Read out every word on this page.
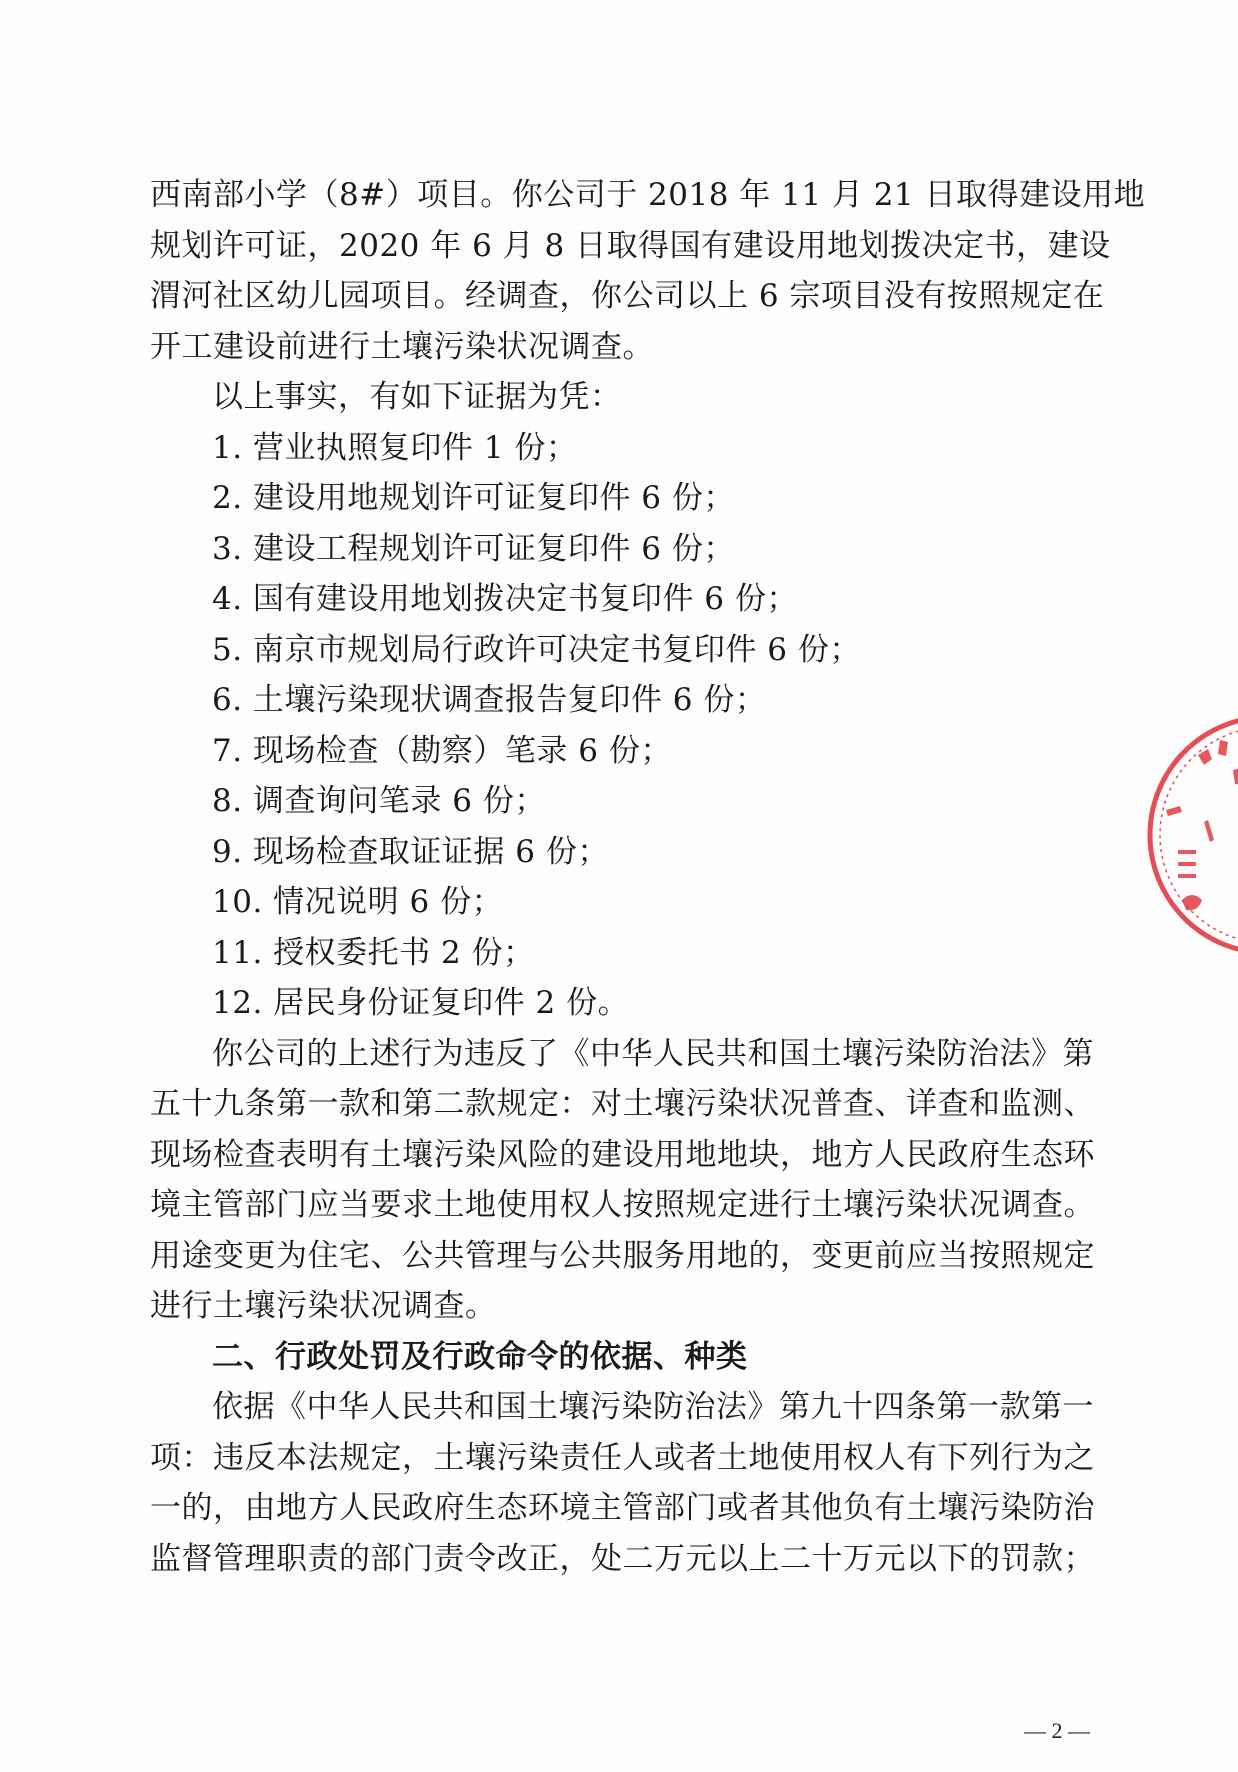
西南部小学（8#）项目。你公司于 2018 年 11 月 21 日取得建设用地
规划许可证，2020 年 6 月 8 日取得国有建设用地划拨决定书，建设
渭河社区幼儿园项目。经调查，你公司以上 6 宗项目没有按照规定在
开工建设前进行土壤污染状况调查。
以上事实，有如下证据为凭：
1. 营业执照复印件 1 份；
2. 建设用地规划许可证复印件 6 份；
3. 建设工程规划许可证复印件 6 份；
4. 国有建设用地划拨决定书复印件 6 份；
5. 南京市规划局行政许可决定书复印件 6 份；
6. 土壤污染现状调查报告复印件 6 份；
7. 现场检查（勘察）笔录 6 份；
8. 调查询问笔录 6 份；
9. 现场检查取证证据 6 份；
10. 情况说明 6 份；
11. 授权委托书 2 份；
12. 居民身份证复印件 2 份。
你公司的上述行为违反了《中华人民共和国土壤污染防治法》第
五十九条第一款和第二款规定：对土壤污染状况普查、详查和监测、
现场检查表明有土壤污染风险的建设用地地块，地方人民政府生态环
境主管部门应当要求土地使用权人按照规定进行土壤污染状况调查。
用途变更为住宅、公共管理与公共服务用地的，变更前应当按照规定
进行土壤污染状况调查。
二、行政处罚及行政命令的依据、种类
依据《中华人民共和国土壤污染防治法》第九十四条第一款第一
项：违反本法规定，土壤污染责任人或者土地使用权人有下列行为之
一的，由地方人民政府生态环境主管部门或者其他负有土壤污染防治
监督管理职责的部门责令改正，处二万元以上二十万元以下的罚款；
— 2 —
